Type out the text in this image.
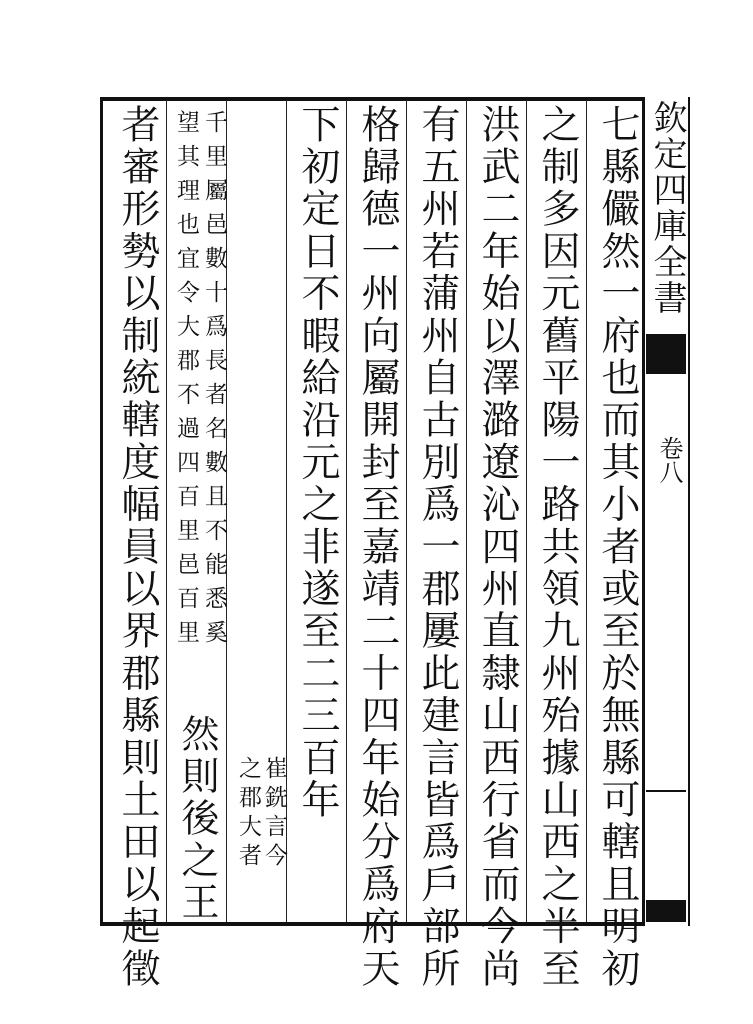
欽定四庫全書
卷八
七縣儼然一府也而其小者或至於無縣可轄且明初
之制多因元舊平陽一路共領九州殆據山西之半至
洪武二年始以澤潞遼沁四州直隸山西行省而今尚
有五州若蒲州自古別爲一郡屢此建言皆爲戶部所
格歸德一州向屬開封至嘉靖二十四年始分爲府天
下初定日不暇給沿元之非遂至二三百年
崔銑言今
之郡大者
千里屬邑數十爲長者名數且不能悉奚
然則後之王
望其理也宜令大郡不過四百里邑百里
者審形勢以制統轄度幅員以界郡縣則土田以起徵
